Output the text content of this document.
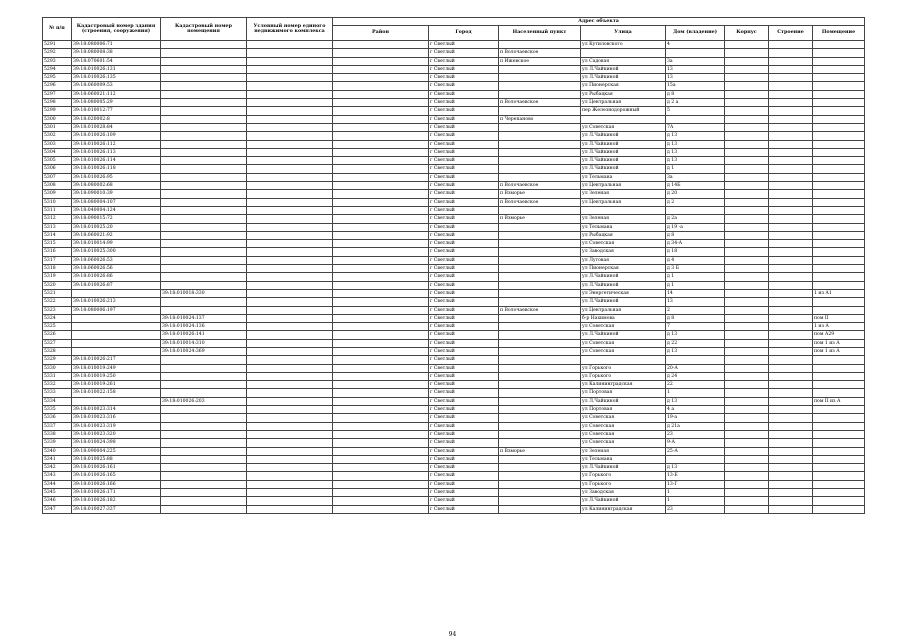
№ п/п	Кадастровый номер здания (строения, сооружения)	Кадастровый номер помещения	Условный номер единого недвижимого комплекса	Адрес объекта							
				Район	Город	Населенный пункт	Улица	Дом (владение)	Корпус	Строение	Помещение
5291	39:18:080006:71				г Светлый		ул Кутиловского	4			
5292	39:18:080008:38				г Светлый	п Волочаевское					
5293	39:18:070601:54				г Светлый	п Ижевское	ул Садовая	3а			
5294	39:18:010026:131				г Светлый		ул Л.Чайкиной	13			
5295	39:18:010026:135				г Светлый		ул Л.Чайкиной	13			
5296	39:18:060009:53				г Светлый		ул Пионерская	15а			
5297	39:18:060021:112				г Светлый		ул Рыбацкая	д 8			
5298	39:18:080005:29				г Светлый	п Волочаевское	ул Центральная	д 2 а			
5299	39:18:010012:77				г Светлый		пер Железнодорожный	5			
5300	39:18:020002:8				г Светлый	п Черепаново					
5301	39:18:010028:84				г Светлый		ул Советская	7А			
5302	39:18:010026:109				г Светлый		ул Л.Чайкиной	д 13			
5303	39:18:010026:112				г Светлый		ул Л.Чайкиной	д 13			
5304	39:18:010026:113				г Светлый		ул Л.Чайкиной	д 13			
5305	39:18:010026:114				г Светлый		ул Л.Чайкиной	д 13			
5306	39:18:010026:118				г Светлый		ул Л.Чайкиной	д 1			
5307	39:18:010026:95				г Светлый		ул Тельмана	3а			
5308	39:18:080002:68				г Светлый	п Волочаевское	ул Центральная	д 14Б			
5309	39:18:090010:39				г Светлый	п Взморье	ул Зеленая	д 20			
5310	39:18:080004:107				г Светлый	п Волочаевское	ул Центральная	д 2			
5311	39:18:040004:124				г Светлый						
5312	39:18:090015:72				г Светлый	п Взморье	ул Зеленая	д 2а			
5313	39:18:010025:20				г Светлый		ул Тельмана	д 19 -а			
5314	39:18:060021:92				г Светлый		ул Рыбацкая	д 8			
5315	39:18:010014:99				г Светлый		ул Советская	д 34-А			
5316	39:18:010025:300				г Светлый		ул Заводская	д 18			
5317	39:18:060026:53				г Светлый		ул Луговая	д 4			
5318	39:18:060026:56				г Светлый		ул Пионерская	д 3 Б			
5319	39:18:010026:86				г Светлый		ул Л.Чайкиной	д 1			
5320	39:18:010026:87				г Светлый		ул Л.Чайкиной	д 1			
5321		39:18:010018:330			г Светлый		ул Энергетическая	14			1 из А1
5322	39:18:010026:213				г Светлый		ул Л.Чайкиной	13			
5323	39:18:080006:197				г Светлый	п Волочаевское	ул Центральная	2			
5324		39:18:010024:137			г Светлый		б-р Нахимова	д 8			пом II
5325		39:18:010024:136			г Светлый		ул Советская	7			1 из А
5326		39:18:010026:141			г Светлый		ул Л.Чайкиной	д 13			пом А29
5327		39:18:010014:310			г Светлый		ул Советская	д 22			пом 1 из А
5328		39:18:010024:369			г Светлый		ул Советская	д 13			пом 1 из А
5329	39:18:010026:217				г Светлый						
5330	39:18:010019:249				г Светлый		ул Горького	20-А			
5331	39:18:010019:250				г Светлый		ул Горького	д 24			
5332	39:18:010019:261				г Светлый		ул Калининградская	22			
5333	39:18:010022:158				г Светлый		ул Портовая	1			
5334		39:18:010026:203			г Светлый		ул Л.Чайкиной	д 13			пом II из А
5335	39:18:010023:314				г Светлый		ул Портовая	4 а			
5336	39:18:010023:316				г Светлый		ул Советская	19-а			
5337	39:18:010023:319				г Светлый		ул Советская	д 21а			
5338	39:18:010023:320				г Светлый		ул Советская	23			
5339	39:18:010024:398				г Светлый		ул Советская	9-А			
5340	39:18:090004:225				г Светлый	п Взморье	ул Зеленая	25-А			
5341	39:18:010025:88				г Светлый		ул Тельмана				
5342	39:18:010026:161				г Светлый		ул Л.Чайкиной	д 13			
5343	39:18:010026:165				г Светлый		ул Горького	13-Е			
5344	39:18:010026:166				г Светлый		ул Горького	13-Г			
5345	39:18:010026:171				г Светлый		ул Заводская	1			
5346	39:18:010026:182				г Светлый		ул Л.Чайкиной	1			
5347	39:18:010027:337				г Светлый		ул Калининградская	23			
94
